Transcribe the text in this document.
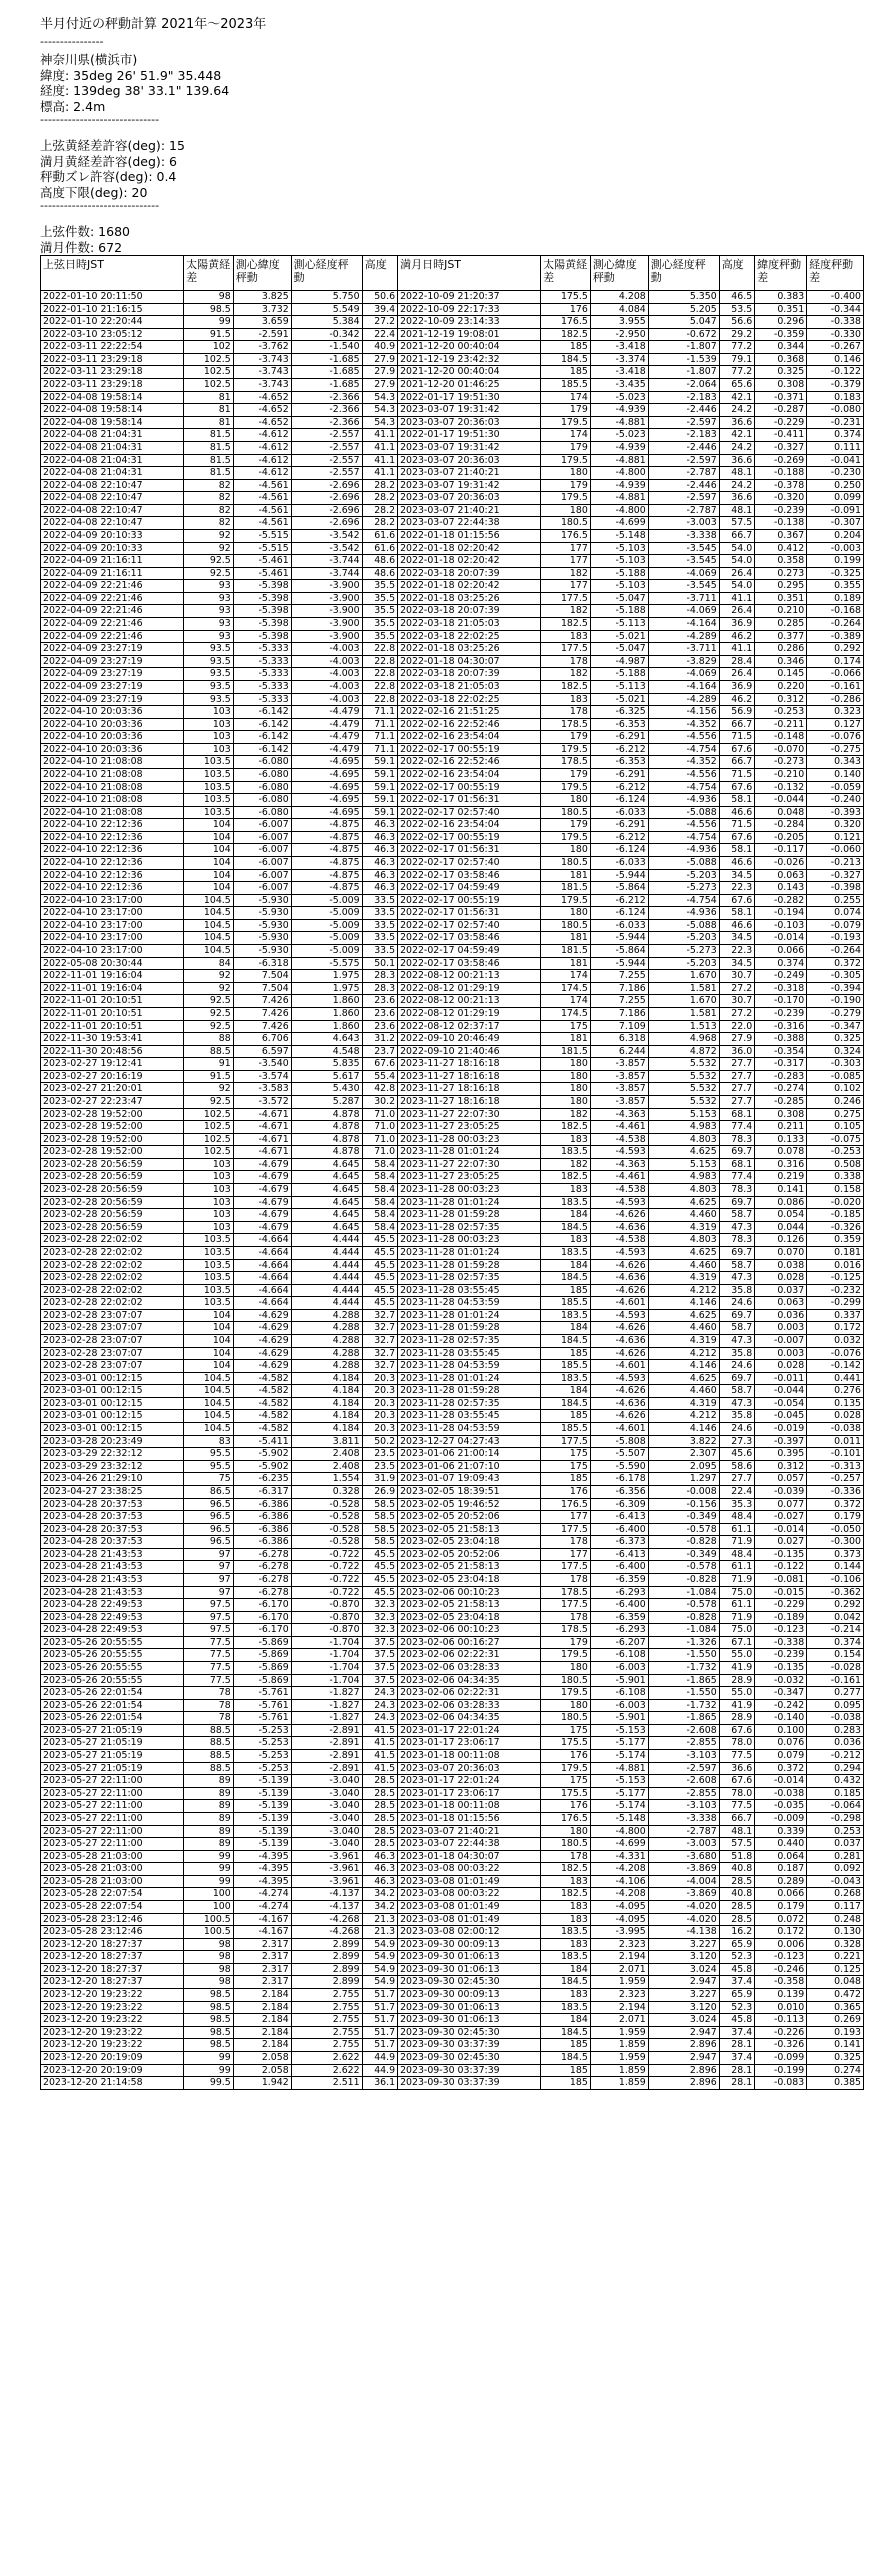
半月付近の秤動計算 2021年～2023年
----------------
神奈川県(横浜市)
緯度: 35deg 26' 51.9" 35.448
経度: 139deg 38' 33.1" 139.64
標高: 2.4m
------------------------------
上弦黄経差許容(deg): 15
満月黄経差許容(deg): 6
秤動ズレ許容(deg): 0.4
高度下限(deg): 20
------------------------------
上弦件数: 1680
満月件数: 672
上弦日時JST	太陽黄経差	測心緯度秤動	測心経度秤動	高度	満月日時JST	太陽黄経差	測心緯度秤動	測心経度秤動	高度	緯度秤動差	経度秤動差
2022-01-10 20:11:50	98	3.825	5.750	50.6	2022-10-09 21:20:37	175.5	4.208	5.350	46.5	0.383	-0.400
2022-01-10 21:16:15	98.5	3.732	5.549	39.4	2022-10-09 22:17:33	176	4.084	5.205	53.5	0.351	-0.344
2022-01-10 22:20:44	99	3.659	5.384	27.2	2022-10-09 23:14:33	176.5	3.955	5.047	56.6	0.296	-0.338
2022-03-10 23:05:12	91.5	-2.591	-0.342	22.4	2021-12-19 19:08:01	182.5	-2.950	-0.672	29.2	-0.359	-0.330
2022-03-11 22:22:54	102	-3.762	-1.540	40.9	2021-12-20 00:40:04	185	-3.418	-1.807	77.2	0.344	-0.267
2022-03-11 23:29:18	102.5	-3.743	-1.685	27.9	2021-12-19 23:42:32	184.5	-3.374	-1.539	79.1	0.368	0.146
2022-03-11 23:29:18	102.5	-3.743	-1.685	27.9	2021-12-20 00:40:04	185	-3.418	-1.807	77.2	0.325	-0.122
2022-03-11 23:29:18	102.5	-3.743	-1.685	27.9	2021-12-20 01:46:25	185.5	-3.435	-2.064	65.6	0.308	-0.379
2022-04-08 19:58:14	81	-4.652	-2.366	54.3	2022-01-17 19:51:30	174	-5.023	-2.183	42.1	-0.371	0.183
2022-04-08 19:58:14	81	-4.652	-2.366	54.3	2023-03-07 19:31:42	179	-4.939	-2.446	24.2	-0.287	-0.080
2022-04-08 19:58:14	81	-4.652	-2.366	54.3	2023-03-07 20:36:03	179.5	-4.881	-2.597	36.6	-0.229	-0.231
2022-04-08 21:04:31	81.5	-4.612	-2.557	41.1	2022-01-17 19:51:30	174	-5.023	-2.183	42.1	-0.411	0.374
2022-04-08 21:04:31	81.5	-4.612	-2.557	41.1	2023-03-07 19:31:42	179	-4.939	-2.446	24.2	-0.327	0.111
2022-04-08 21:04:31	81.5	-4.612	-2.557	41.1	2023-03-07 20:36:03	179.5	-4.881	-2.597	36.6	-0.269	-0.041
2022-04-08 21:04:31	81.5	-4.612	-2.557	41.1	2023-03-07 21:40:21	180	-4.800	-2.787	48.1	-0.188	-0.230
2022-04-08 22:10:47	82	-4.561	-2.696	28.2	2023-03-07 19:31:42	179	-4.939	-2.446	24.2	-0.378	0.250
2022-04-08 22:10:47	82	-4.561	-2.696	28.2	2023-03-07 20:36:03	179.5	-4.881	-2.597	36.6	-0.320	0.099
2022-04-08 22:10:47	82	-4.561	-2.696	28.2	2023-03-07 21:40:21	180	-4.800	-2.787	48.1	-0.239	-0.091
2022-04-08 22:10:47	82	-4.561	-2.696	28.2	2023-03-07 22:44:38	180.5	-4.699	-3.003	57.5	-0.138	-0.307
2022-04-09 20:10:33	92	-5.515	-3.542	61.6	2022-01-18 01:15:56	176.5	-5.148	-3.338	66.7	0.367	0.204
2022-04-09 20:10:33	92	-5.515	-3.542	61.6	2022-01-18 02:20:42	177	-5.103	-3.545	54.0	0.412	-0.003
2022-04-09 21:16:11	92.5	-5.461	-3.744	48.6	2022-01-18 02:20:42	177	-5.103	-3.545	54.0	0.358	0.199
2022-04-09 21:16:11	92.5	-5.461	-3.744	48.6	2022-03-18 20:07:39	182	-5.188	-4.069	26.4	0.273	-0.325
2022-04-09 22:21:46	93	-5.398	-3.900	35.5	2022-01-18 02:20:42	177	-5.103	-3.545	54.0	0.295	0.355
2022-04-09 22:21:46	93	-5.398	-3.900	35.5	2022-01-18 03:25:26	177.5	-5.047	-3.711	41.1	0.351	0.189
2022-04-09 22:21:46	93	-5.398	-3.900	35.5	2022-03-18 20:07:39	182	-5.188	-4.069	26.4	0.210	-0.168
2022-04-09 22:21:46	93	-5.398	-3.900	35.5	2022-03-18 21:05:03	182.5	-5.113	-4.164	36.9	0.285	-0.264
2022-04-09 22:21:46	93	-5.398	-3.900	35.5	2022-03-18 22:02:25	183	-5.021	-4.289	46.2	0.377	-0.389
2022-04-09 23:27:19	93.5	-5.333	-4.003	22.8	2022-01-18 03:25:26	177.5	-5.047	-3.711	41.1	0.286	0.292
2022-04-09 23:27:19	93.5	-5.333	-4.003	22.8	2022-01-18 04:30:07	178	-4.987	-3.829	28.4	0.346	0.174
2022-04-09 23:27:19	93.5	-5.333	-4.003	22.8	2022-03-18 20:07:39	182	-5.188	-4.069	26.4	0.145	-0.066
2022-04-09 23:27:19	93.5	-5.333	-4.003	22.8	2022-03-18 21:05:03	182.5	-5.113	-4.164	36.9	0.220	-0.161
2022-04-09 23:27:19	93.5	-5.333	-4.003	22.8	2022-03-18 22:02:25	183	-5.021	-4.289	46.2	0.312	-0.286
2022-04-10 20:03:36	103	-6.142	-4.479	71.1	2022-02-16 21:51:25	178	-6.325	-4.156	56.9	-0.253	0.323
2022-04-10 20:03:36	103	-6.142	-4.479	71.1	2022-02-16 22:52:46	178.5	-6.353	-4.352	66.7	-0.211	0.127
2022-04-10 20:03:36	103	-6.142	-4.479	71.1	2022-02-16 23:54:04	179	-6.291	-4.556	71.5	-0.148	-0.076
2022-04-10 20:03:36	103	-6.142	-4.479	71.1	2022-02-17 00:55:19	179.5	-6.212	-4.754	67.6	-0.070	-0.275
2022-04-10 21:08:08	103.5	-6.080	-4.695	59.1	2022-02-16 22:52:46	178.5	-6.353	-4.352	66.7	-0.273	0.343
2022-04-10 21:08:08	103.5	-6.080	-4.695	59.1	2022-02-16 23:54:04	179	-6.291	-4.556	71.5	-0.210	0.140
2022-04-10 21:08:08	103.5	-6.080	-4.695	59.1	2022-02-17 00:55:19	179.5	-6.212	-4.754	67.6	-0.132	-0.059
2022-04-10 21:08:08	103.5	-6.080	-4.695	59.1	2022-02-17 01:56:31	180	-6.124	-4.936	58.1	-0.044	-0.240
2022-04-10 21:08:08	103.5	-6.080	-4.695	59.1	2022-02-17 02:57:40	180.5	-6.033	-5.088	46.6	0.048	-0.393
2022-04-10 22:12:36	104	-6.007	-4.875	46.3	2022-02-16 23:54:04	179	-6.291	-4.556	71.5	-0.284	0.320
2022-04-10 22:12:36	104	-6.007	-4.875	46.3	2022-02-17 00:55:19	179.5	-6.212	-4.754	67.6	-0.205	0.121
2022-04-10 22:12:36	104	-6.007	-4.875	46.3	2022-02-17 01:56:31	180	-6.124	-4.936	58.1	-0.117	-0.060
2022-04-10 22:12:36	104	-6.007	-4.875	46.3	2022-02-17 02:57:40	180.5	-6.033	-5.088	46.6	-0.026	-0.213
2022-04-10 22:12:36	104	-6.007	-4.875	46.3	2022-02-17 03:58:46	181	-5.944	-5.203	34.5	0.063	-0.327
2022-04-10 22:12:36	104	-6.007	-4.875	46.3	2022-02-17 04:59:49	181.5	-5.864	-5.273	22.3	0.143	-0.398
2022-04-10 23:17:00	104.5	-5.930	-5.009	33.5	2022-02-17 00:55:19	179.5	-6.212	-4.754	67.6	-0.282	0.255
2022-04-10 23:17:00	104.5	-5.930	-5.009	33.5	2022-02-17 01:56:31	180	-6.124	-4.936	58.1	-0.194	0.074
2022-04-10 23:17:00	104.5	-5.930	-5.009	33.5	2022-02-17 02:57:40	180.5	-6.033	-5.088	46.6	-0.103	-0.079
2022-04-10 23:17:00	104.5	-5.930	-5.009	33.5	2022-02-17 03:58:46	181	-5.944	-5.203	34.5	-0.014	-0.193
2022-04-10 23:17:00	104.5	-5.930	-5.009	33.5	2022-02-17 04:59:49	181.5	-5.864	-5.273	22.3	0.066	-0.264
2022-05-08 20:30:44	84	-6.318	-5.575	50.1	2022-02-17 03:58:46	181	-5.944	-5.203	34.5	0.374	0.372
2022-11-01 19:16:04	92	7.504	1.975	28.3	2022-08-12 00:21:13	174	7.255	1.670	30.7	-0.249	-0.305
2022-11-01 19:16:04	92	7.504	1.975	28.3	2022-08-12 01:29:19	174.5	7.186	1.581	27.2	-0.318	-0.394
2022-11-01 20:10:51	92.5	7.426	1.860	23.6	2022-08-12 00:21:13	174	7.255	1.670	30.7	-0.170	-0.190
2022-11-01 20:10:51	92.5	7.426	1.860	23.6	2022-08-12 01:29:19	174.5	7.186	1.581	27.2	-0.239	-0.279
2022-11-01 20:10:51	92.5	7.426	1.860	23.6	2022-08-12 02:37:17	175	7.109	1.513	22.0	-0.316	-0.347
2022-11-30 19:53:41	88	6.706	4.643	31.2	2022-09-10 20:46:49	181	6.318	4.968	27.9	-0.388	0.325
2022-11-30 20:48:56	88.5	6.597	4.548	23.7	2022-09-10 21:40:46	181.5	6.244	4.872	36.0	-0.354	0.324
2023-02-27 19:12:41	91	-3.540	5.835	67.6	2023-11-27 18:16:18	180	-3.857	5.532	27.7	-0.317	-0.303
2023-02-27 20:16:19	91.5	-3.574	5.617	55.4	2023-11-27 18:16:18	180	-3.857	5.532	27.7	-0.283	-0.085
2023-02-27 21:20:01	92	-3.583	5.430	42.8	2023-11-27 18:16:18	180	-3.857	5.532	27.7	-0.274	0.102
2023-02-27 22:23:47	92.5	-3.572	5.287	30.2	2023-11-27 18:16:18	180	-3.857	5.532	27.7	-0.285	0.246
2023-02-28 19:52:00	102.5	-4.671	4.878	71.0	2023-11-27 22:07:30	182	-4.363	5.153	68.1	0.308	0.275
2023-02-28 19:52:00	102.5	-4.671	4.878	71.0	2023-11-27 23:05:25	182.5	-4.461	4.983	77.4	0.211	0.105
2023-02-28 19:52:00	102.5	-4.671	4.878	71.0	2023-11-28 00:03:23	183	-4.538	4.803	78.3	0.133	-0.075
2023-02-28 19:52:00	102.5	-4.671	4.878	71.0	2023-11-28 01:01:24	183.5	-4.593	4.625	69.7	0.078	-0.253
2023-02-28 20:56:59	103	-4.679	4.645	58.4	2023-11-27 22:07:30	182	-4.363	5.153	68.1	0.316	0.508
2023-02-28 20:56:59	103	-4.679	4.645	58.4	2023-11-27 23:05:25	182.5	-4.461	4.983	77.4	0.219	0.338
2023-02-28 20:56:59	103	-4.679	4.645	58.4	2023-11-28 00:03:23	183	-4.538	4.803	78.3	0.141	0.158
2023-02-28 20:56:59	103	-4.679	4.645	58.4	2023-11-28 01:01:24	183.5	-4.593	4.625	69.7	0.086	-0.020
2023-02-28 20:56:59	103	-4.679	4.645	58.4	2023-11-28 01:59:28	184	-4.626	4.460	58.7	0.054	-0.185
2023-02-28 20:56:59	103	-4.679	4.645	58.4	2023-11-28 02:57:35	184.5	-4.636	4.319	47.3	0.044	-0.326
2023-02-28 22:02:02	103.5	-4.664	4.444	45.5	2023-11-28 00:03:23	183	-4.538	4.803	78.3	0.126	0.359
2023-02-28 22:02:02	103.5	-4.664	4.444	45.5	2023-11-28 01:01:24	183.5	-4.593	4.625	69.7	0.070	0.181
2023-02-28 22:02:02	103.5	-4.664	4.444	45.5	2023-11-28 01:59:28	184	-4.626	4.460	58.7	0.038	0.016
2023-02-28 22:02:02	103.5	-4.664	4.444	45.5	2023-11-28 02:57:35	184.5	-4.636	4.319	47.3	0.028	-0.125
2023-02-28 22:02:02	103.5	-4.664	4.444	45.5	2023-11-28 03:55:45	185	-4.626	4.212	35.8	0.037	-0.232
2023-02-28 22:02:02	103.5	-4.664	4.444	45.5	2023-11-28 04:53:59	185.5	-4.601	4.146	24.6	0.063	-0.299
2023-02-28 23:07:07	104	-4.629	4.288	32.7	2023-11-28 01:01:24	183.5	-4.593	4.625	69.7	0.036	0.337
2023-02-28 23:07:07	104	-4.629	4.288	32.7	2023-11-28 01:59:28	184	-4.626	4.460	58.7	0.003	0.172
2023-02-28 23:07:07	104	-4.629	4.288	32.7	2023-11-28 02:57:35	184.5	-4.636	4.319	47.3	-0.007	0.032
2023-02-28 23:07:07	104	-4.629	4.288	32.7	2023-11-28 03:55:45	185	-4.626	4.212	35.8	0.003	-0.076
2023-02-28 23:07:07	104	-4.629	4.288	32.7	2023-11-28 04:53:59	185.5	-4.601	4.146	24.6	0.028	-0.142
2023-03-01 00:12:15	104.5	-4.582	4.184	20.3	2023-11-28 01:01:24	183.5	-4.593	4.625	69.7	-0.011	0.441
2023-03-01 00:12:15	104.5	-4.582	4.184	20.3	2023-11-28 01:59:28	184	-4.626	4.460	58.7	-0.044	0.276
2023-03-01 00:12:15	104.5	-4.582	4.184	20.3	2023-11-28 02:57:35	184.5	-4.636	4.319	47.3	-0.054	0.135
2023-03-01 00:12:15	104.5	-4.582	4.184	20.3	2023-11-28 03:55:45	185	-4.626	4.212	35.8	-0.045	0.028
2023-03-01 00:12:15	104.5	-4.582	4.184	20.3	2023-11-28 04:53:59	185.5	-4.601	4.146	24.6	-0.019	-0.038
2023-03-28 20:23:49	83	-5.411	3.811	50.2	2023-12-27 04:27:43	177.5	-5.808	3.822	27.3	-0.397	0.011
2023-03-29 22:32:12	95.5	-5.902	2.408	23.5	2023-01-06 21:00:14	175	-5.507	2.307	45.6	0.395	-0.101
2023-03-29 23:32:12	95.5	-5.902	2.408	23.5	2023-01-06 21:07:10	175	-5.590	2.095	58.6	0.312	-0.313
2023-04-26 21:29:10	75	-6.235	1.554	31.9	2023-01-07 19:09:43	185	-6.178	1.297	27.7	0.057	-0.257
2023-04-27 23:38:25	86.5	-6.317	0.328	26.9	2023-02-05 18:39:51	176	-6.356	-0.008	22.4	-0.039	-0.336
2023-04-28 20:37:53	96.5	-6.386	-0.528	58.5	2023-02-05 19:46:52	176.5	-6.309	-0.156	35.3	0.077	0.372
2023-04-28 20:37:53	96.5	-6.386	-0.528	58.5	2023-02-05 20:52:06	177	-6.413	-0.349	48.4	-0.027	0.179
2023-04-28 20:37:53	96.5	-6.386	-0.528	58.5	2023-02-05 21:58:13	177.5	-6.400	-0.578	61.1	-0.014	-0.050
2023-04-28 20:37:53	96.5	-6.386	-0.528	58.5	2023-02-05 23:04:18	178	-6.373	-0.828	71.9	0.027	-0.300
2023-04-28 21:43:53	97	-6.278	-0.722	45.5	2023-02-05 20:52:06	177	-6.413	-0.349	48.4	-0.135	0.373
2023-04-28 21:43:53	97	-6.278	-0.722	45.5	2023-02-05 21:58:13	177.5	-6.400	-0.578	61.1	-0.122	0.144
2023-04-28 21:43:53	97	-6.278	-0.722	45.5	2023-02-05 23:04:18	178	-6.359	-0.828	71.9	-0.081	-0.106
2023-04-28 21:43:53	97	-6.278	-0.722	45.5	2023-02-06 00:10:23	178.5	-6.293	-1.084	75.0	-0.015	-0.362
2023-04-28 22:49:53	97.5	-6.170	-0.870	32.3	2023-02-05 21:58:13	177.5	-6.400	-0.578	61.1	-0.229	0.292
2023-04-28 22:49:53	97.5	-6.170	-0.870	32.3	2023-02-05 23:04:18	178	-6.359	-0.828	71.9	-0.189	0.042
2023-04-28 22:49:53	97.5	-6.170	-0.870	32.3	2023-02-06 00:10:23	178.5	-6.293	-1.084	75.0	-0.123	-0.214
2023-05-26 20:55:55	77.5	-5.869	-1.704	37.5	2023-02-06 00:16:27	179	-6.207	-1.326	67.1	-0.338	0.374
2023-05-26 20:55:55	77.5	-5.869	-1.704	37.5	2023-02-06 02:22:31	179.5	-6.108	-1.550	55.0	-0.239	0.154
2023-05-26 20:55:55	77.5	-5.869	-1.704	37.5	2023-02-06 03:28:33	180	-6.003	-1.732	41.9	-0.135	-0.028
2023-05-26 20:55:55	77.5	-5.869	-1.704	37.5	2023-02-06 04:34:35	180.5	-5.901	-1.865	28.9	-0.032	-0.161
2023-05-26 22:01:54	78	-5.761	-1.827	24.3	2023-02-06 02:22:31	179.5	-6.108	-1.550	55.0	-0.347	0.277
2023-05-26 22:01:54	78	-5.761	-1.827	24.3	2023-02-06 03:28:33	180	-6.003	-1.732	41.9	-0.242	0.095
2023-05-26 22:01:54	78	-5.761	-1.827	24.3	2023-02-06 04:34:35	180.5	-5.901	-1.865	28.9	-0.140	-0.038
2023-05-27 21:05:19	88.5	-5.253	-2.891	41.5	2023-01-17 22:01:24	175	-5.153	-2.608	67.6	0.100	0.283
2023-05-27 21:05:19	88.5	-5.253	-2.891	41.5	2023-01-17 23:06:17	175.5	-5.177	-2.855	78.0	0.076	0.036
2023-05-27 21:05:19	88.5	-5.253	-2.891	41.5	2023-01-18 00:11:08	176	-5.174	-3.103	77.5	0.079	-0.212
2023-05-27 21:05:19	88.5	-5.253	-2.891	41.5	2023-03-07 20:36:03	179.5	-4.881	-2.597	36.6	0.372	0.294
2023-05-27 22:11:00	89	-5.139	-3.040	28.5	2023-01-17 22:01:24	175	-5.153	-2.608	67.6	-0.014	0.432
2023-05-27 22:11:00	89	-5.139	-3.040	28.5	2023-01-17 23:06:17	175.5	-5.177	-2.855	78.0	-0.038	0.185
2023-05-27 22:11:00	89	-5.139	-3.040	28.5	2023-01-18 00:11:08	176	-5.174	-3.103	77.5	-0.035	-0.064
2023-05-27 22:11:00	89	-5.139	-3.040	28.5	2023-01-18 01:15:56	176.5	-5.148	-3.338	66.7	-0.009	-0.298
2023-05-27 22:11:00	89	-5.139	-3.040	28.5	2023-03-07 21:40:21	180	-4.800	-2.787	48.1	0.339	0.253
2023-05-27 22:11:00	89	-5.139	-3.040	28.5	2023-03-07 22:44:38	180.5	-4.699	-3.003	57.5	0.440	0.037
2023-05-28 21:03:00	99	-4.395	-3.961	46.3	2023-01-18 04:30:07	178	-4.331	-3.680	51.8	0.064	0.281
2023-05-28 21:03:00	99	-4.395	-3.961	46.3	2023-03-08 00:03:22	182.5	-4.208	-3.869	40.8	0.187	0.092
2023-05-28 21:03:00	99	-4.395	-3.961	46.3	2023-03-08 01:01:49	183	-4.106	-4.004	28.5	0.289	-0.043
2023-05-28 22:07:54	100	-4.274	-4.137	34.2	2023-03-08 00:03:22	182.5	-4.208	-3.869	40.8	0.066	0.268
2023-05-28 22:07:54	100	-4.274	-4.137	34.2	2023-03-08 01:01:49	183	-4.095	-4.020	28.5	0.179	0.117
2023-05-28 23:12:46	100.5	-4.167	-4.268	21.3	2023-03-08 01:01:49	183	-4.095	-4.020	28.5	0.072	0.248
2023-05-28 23:12:46	100.5	-4.167	-4.268	21.3	2023-03-08 02:00:12	183.5	-3.995	-4.138	16.2	0.172	0.130
2023-12-20 18:27:37	98	2.317	2.899	54.9	2023-09-30 00:09:13	183	2.323	3.227	65.9	0.006	0.328
2023-12-20 18:27:37	98	2.317	2.899	54.9	2023-09-30 01:06:13	183.5	2.194	3.120	52.3	-0.123	0.221
2023-12-20 18:27:37	98	2.317	2.899	54.9	2023-09-30 01:06:13	184	2.071	3.024	45.8	-0.246	0.125
2023-12-20 18:27:37	98	2.317	2.899	54.9	2023-09-30 02:45:30	184.5	1.959	2.947	37.4	-0.358	0.048
2023-12-20 19:23:22	98.5	2.184	2.755	51.7	2023-09-30 00:09:13	183	2.323	3.227	65.9	0.139	0.472
2023-12-20 19:23:22	98.5	2.184	2.755	51.7	2023-09-30 01:06:13	183.5	2.194	3.120	52.3	0.010	0.365
2023-12-20 19:23:22	98.5	2.184	2.755	51.7	2023-09-30 01:06:13	184	2.071	3.024	45.8	-0.113	0.269
2023-12-20 19:23:22	98.5	2.184	2.755	51.7	2023-09-30 02:45:30	184.5	1.959	2.947	37.4	-0.226	0.193
2023-12-20 19:23:22	98.5	2.184	2.755	51.7	2023-09-30 03:37:39	185	1.859	2.896	28.1	-0.326	0.141
2023-12-20 20:19:09	99	2.058	2.622	44.9	2023-09-30 02:45:30	184.5	1.959	2.947	37.4	-0.099	0.325
2023-12-20 20:19:09	99	2.058	2.622	44.9	2023-09-30 03:37:39	185	1.859	2.896	28.1	-0.199	0.274
2023-12-20 21:14:58	99.5	1.942	2.511	36.1	2023-09-30 03:37:39	185	1.859	2.896	28.1	-0.083	0.385
